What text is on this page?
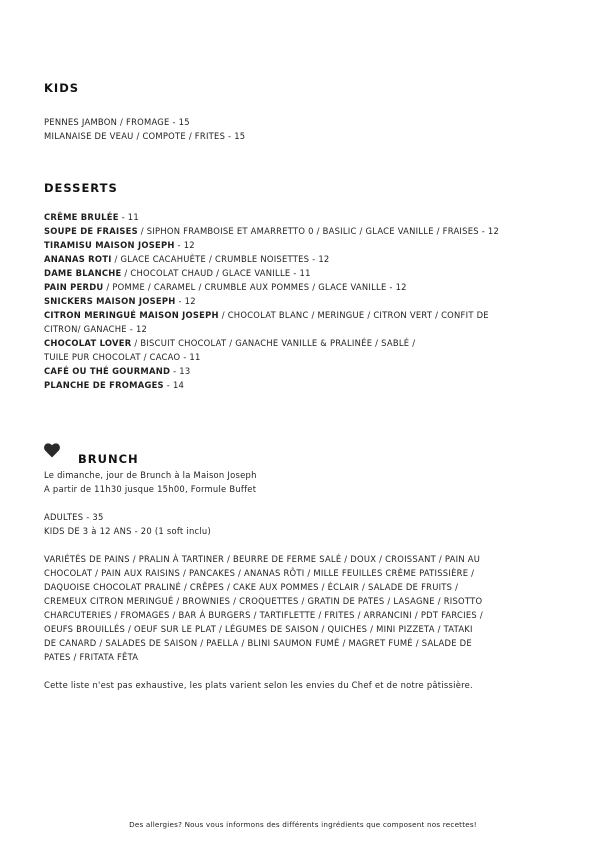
KIDS
PENNES JAMBON / FROMAGE - 15
MILANAISE DE VEAU / COMPOTE / FRITES - 15
DESSERTS
CRÊME BRULÉE - 11
SOUPE DE FRAISES / SIPHON FRAMBOISE ET AMARRETTO 0 / BASILIC / GLACE VANILLE / FRAISES - 12
TIRAMISU MAISON JOSEPH - 12
ANANAS ROTI / GLACE CACAHUÈTE / CRUMBLE NOISETTES - 12
DAME BLANCHE / CHOCOLAT CHAUD / GLACE VANILLE - 11
PAIN PERDU / POMME / CARAMEL / CRUMBLE AUX POMMES / GLACE VANILLE - 12
SNICKERS MAISON JOSEPH - 12
CITRON MERINGUÉ MAISON JOSEPH / CHOCOLAT BLANC / MERINGUE / CITRON VERT / CONFIT DE
CITRON/ GANACHE - 12
CHOCOLAT LOVER / BISCUIT CHOCOLAT / GANACHE VANILLE & PRALINÉE / SABLÉ /
TUILE PUR CHOCOLAT / CACAO - 11
CAFÉ OU THÉ GOURMAND - 13
PLANCHE DE FROMAGES - 14
BRUNCH
Le dimanche, jour de Brunch à la Maison Joseph
A partir de 11h30 jusque 15h00, Formule Buffet
ADULTES - 35
KIDS DE 3 à 12 ANS - 20 (1 soft inclu)
VARIÉTÉS DE PAINS / PRALIN À TARTINER / BEURRE DE FERME SALÉ / DOUX / CROISSANT / PAIN AU
CHOCOLAT / PAIN AUX RAISINS / PANCAKES / ANANAS RÔTI / MILLE FEUILLES CRÈME PATISSIÈRE /
DAQUOISE CHOCOLAT PRALINÉ / CRÊPES / CAKE AUX POMMES / ÉCLAIR / SALADE DE FRUITS /
CREMEUX CITRON MERINGUÉ / BROWNIES / CROQUETTES / GRATIN DE PATES / LASAGNE / RISOTTO
CHARCUTERIES / FROMAGES / BAR Á BURGERS / TARTIFLETTE / FRITES / ARRANCINI / PDT FARCIES /
OEUFS BROUILLÉS / OEUF SUR LE PLAT / LÉGUMES DE SAISON / QUICHES / MINI PIZZETA / TATAKI
DE CANARD / SALADES DE SAISON / PAELLA / BLINI SAUMON FUMÉ / MAGRET FUMÉ / SALADE DE
PATES / FRITATA FÊTA
Cette liste n'est pas exhaustive, les plats varient selon les envies du Chef et de notre pâtissière.
Des allergies? Nous vous informons des différents ingrédients que composent nos recettes!
